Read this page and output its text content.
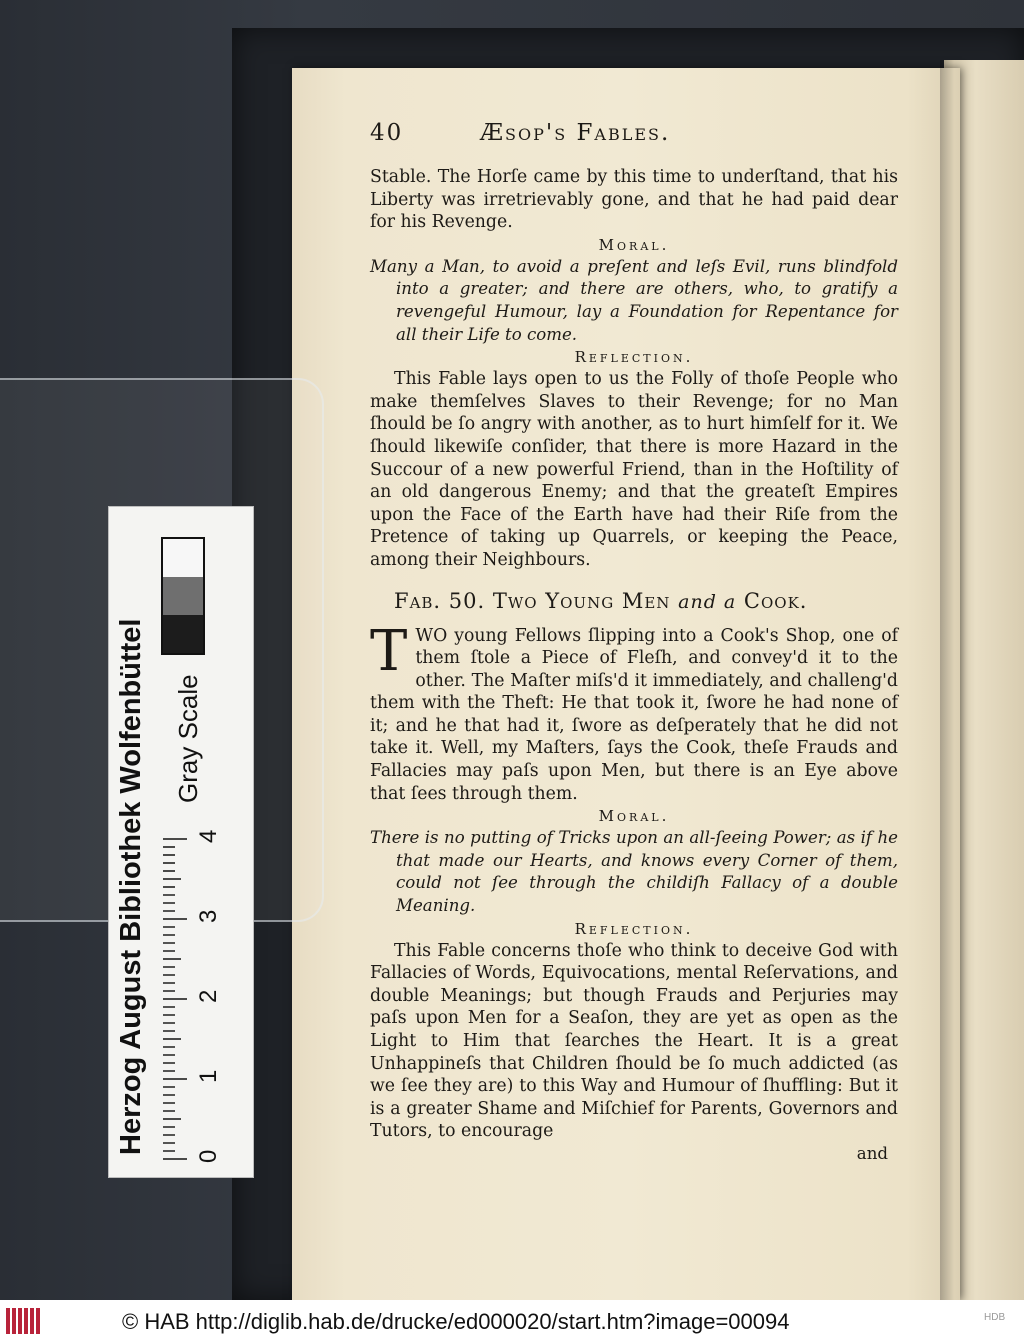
40	Æsop's Fables.

Stable. The Horſe came by this time to underſtand, that his Liberty was irretrievably gone, and that he had paid dear for his Revenge.

Moral.

Many a Man, to avoid a preſent and leſs Evil, runs blindfold into a greater; and there are others, who, to gratify a revengeful Humour, lay a Foundation for Repentance for all their Life to come.

Reflection.

This Fable lays open to us the Folly of thoſe People who make themſelves Slaves to their Revenge; for no Man ſhould be ſo angry with another, as to hurt himſelf for it. We ſhould likewiſe conſider, that there is more Hazard in the Succour of a new powerful Friend, than in the Hoſtility of an old dangerous Enemy; and that the greateſt Empires upon the Face of the Earth have had their Riſe from the Pretence of taking up Quarrels, or keeping the Peace, among their Neighbours.

Fab. 50. Two Young Men and a Cook.
T WO young Fellows ſlipping into a Cook's Shop, one of them ſtole a Piece of Fleſh, and convey'd it to the other. The Maſter miſs'd it immediately, and challeng'd them with the Theft: He that took it, ſwore he had none of it; and he that had it, ſwore as deſperately that he did not take it. Well, my Maſters, ſays the Cook, theſe Frauds and Fallacies may paſs upon Men, but there is an Eye above that ſees through them.

Moral.

There is no putting of Tricks upon an all-ſeeing Power; as if he that made our Hearts, and knows every Corner of them, could not ſee through the childiſh Fallacy of a double Meaning.

Reflection.

This Fable concerns thoſe who think to deceive God with Fallacies of Words, Equivocations, mental Reſervations, and double Meanings; but though Frauds and Perjuries may paſs upon Men for a Seaſon, they are yet as open as the Light to Him that ſearches the Heart. It is a great Unhappineſs that Children ſhould be ſo much addicted (as we ſee they are) to this Way and Humour of ſhuffling: But it is a greater Shame and Miſchief for Parents, Governors and Tutors, to encourage

and

Herzog August Bibliothek Wolfenbüttel
0
1
2
3
4
Gray Scale
© HAB http://diglib.hab.de/drucke/ed000020/start.htm?image=00094	HDB
